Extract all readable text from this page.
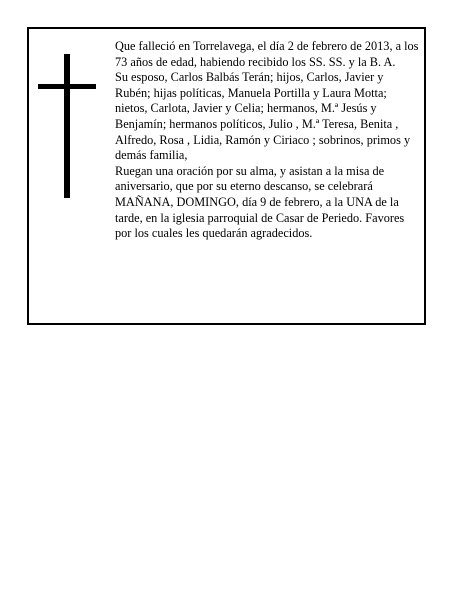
Que falleció en Torrelavega, el día 2 de febrero de 2013, a los 73 años de edad, habiendo recibido los SS. SS. y la B. A.

Su esposo, Carlos Balbás Terán; hijos, Carlos, Javier y Rubén; hijas políticas, Manuela Portilla y Laura Motta; nietos, Carlota, Javier y Celia; hermanos, M.ª Jesús y Benjamín; hermanos políticos, Julio , M.ª Teresa, Benita , Alfredo, Rosa , Lidia, Ramón y Ciriaco ; sobrinos, primos y demás familia,

Ruegan una oración por su alma, y asistan a la misa de aniversario, que por su eterno descanso, se celebrará MAÑANA, DOMINGO, día 9 de febrero, a la UNA de la tarde, en la iglesia parroquial de Casar de Periedo. Favores por los cuales les quedarán agradecidos.
